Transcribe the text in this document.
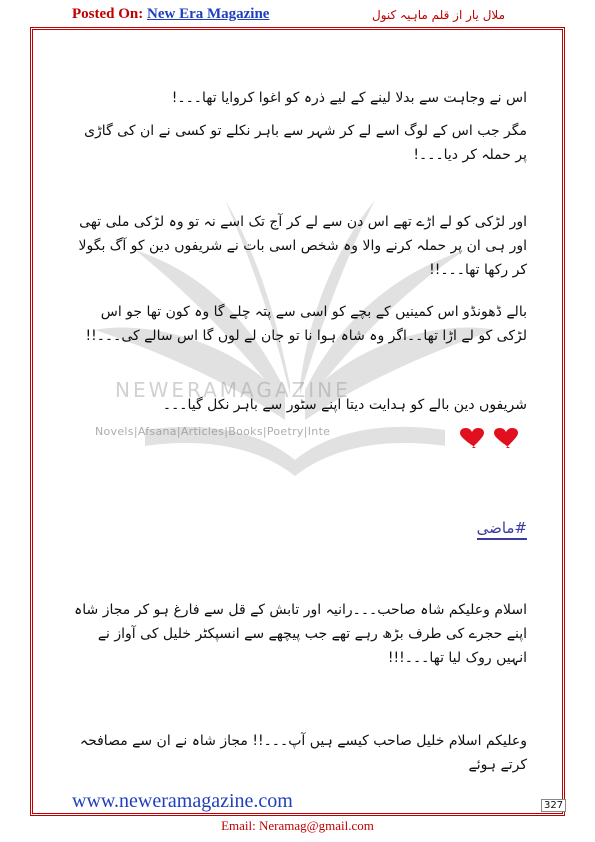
Posted On: New Era Magazine	ملال یار از قلم ماہیہ کنول
NEWERAMAGAZINE
Novels|Afsana|Articles|Books|Poetry|Inte
اس نے وجاہت سے بدلا لینے کے لیے ذرہ کو اغوا کروایا تھا۔۔۔!
مگر جب اس کے لوگ اسے لے کر شہر سے باہر نکلے تو کسی نے ان کی گاڑی پر حملہ کر دیا۔۔۔!
اور لڑکی کو لے اڑے تھے اس دن سے لے کر آج تک اسے نہ تو وہ لڑکی ملی تھی اور ہی ان پر حملہ کرنے والا وہ شخص اسی بات نے شریفوں دین کو آگ بگولا کر رکھا تھا۔۔۔!!
بالے ڈھونڈو اس کمینیں کے بچے کو اسی سے پتہ چلے گا وہ کون تھا جو اس لڑکی کو لے اڑا تھا۔۔اگر وہ شاہ ہوا نا تو جان لے لوں گا اس سالے کی۔۔۔!!
شریفوں دین بالے کو ہدایت دیتا اپنے سٹور سے باہر نکل گیا۔۔۔
#ماضی
اسلام وعلیکم شاہ صاحب۔۔۔رانیہ اور تابش کے قل سے فارغ ہو کر مجاز شاہ اپنے حجرے کی طرف بڑھ رہے تھے جب پیچھے سے انسپکٹر خلیل کی آواز نے انہیں روک لیا تھا۔۔۔!!!
وعلیکم اسلام خلیل صاحب کیسے ہیں آپ۔۔۔!! مجاز شاہ نے ان سے مصافحہ کرتے ہوئے
www.neweramagazine.com	327
Email: Neramag@gmail.com
